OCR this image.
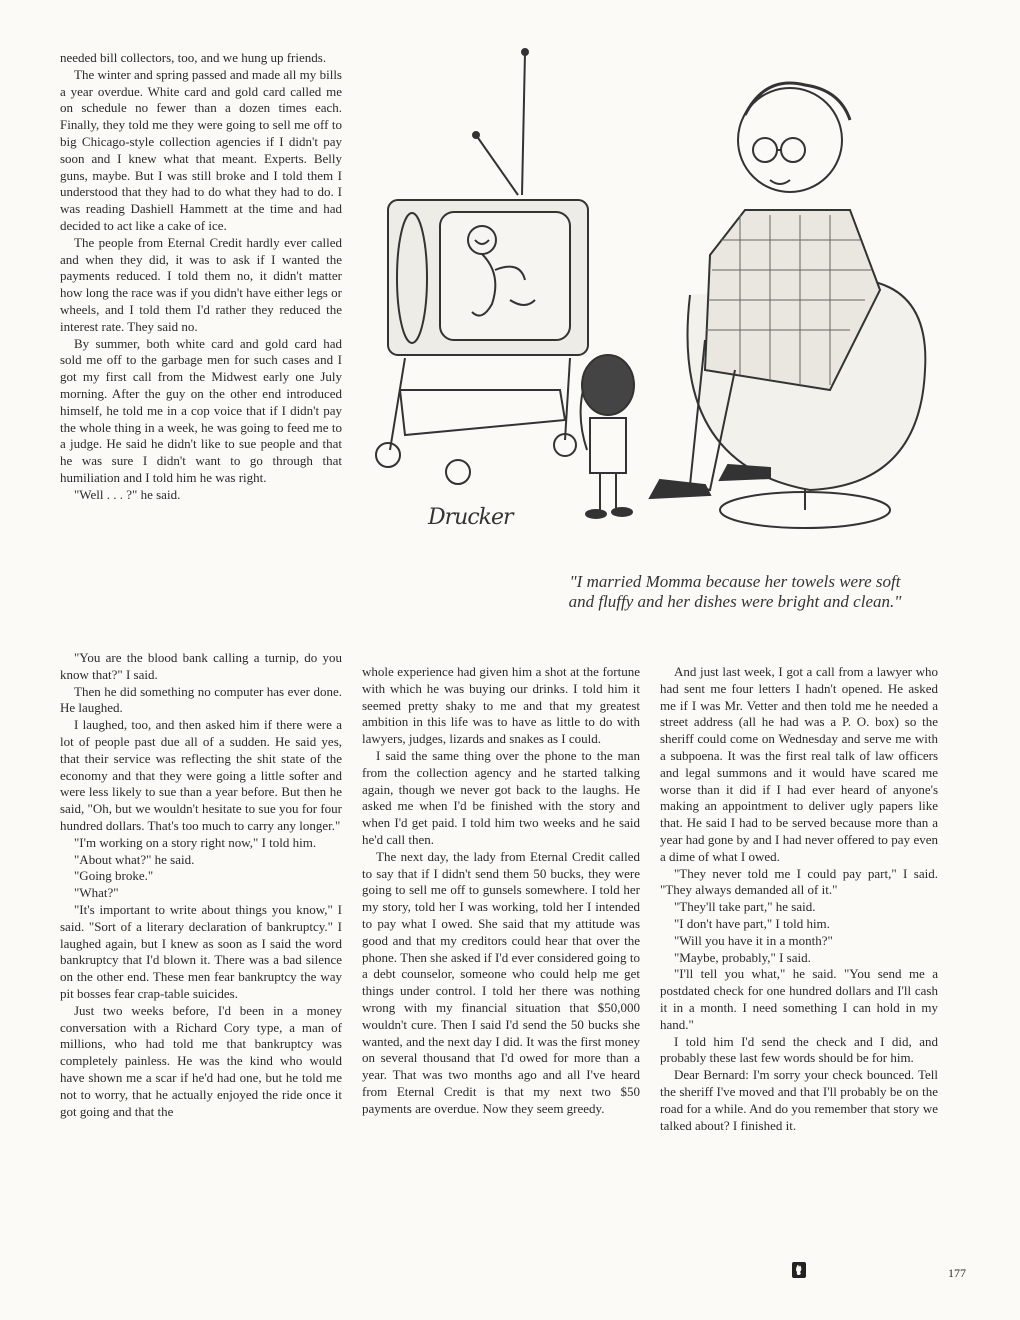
needed bill collectors, too, and we hung up friends.

The winter and spring passed and made all my bills a year overdue. White card and gold card called me on schedule no fewer than a dozen times each. Finally, they told me they were going to sell me off to big Chicago-style collection agencies if I didn't pay soon and I knew what that meant. Experts. Belly guns, maybe. But I was still broke and I told them I understood that they had to do what they had to do. I was reading Dashiell Hammett at the time and had decided to act like a cake of ice.

The people from Eternal Credit hardly ever called and when they did, it was to ask if I wanted the payments reduced. I told them no, it didn't matter how long the race was if you didn't have either legs or wheels, and I told them I'd rather they reduced the interest rate. They said no.

By summer, both white card and gold card had sold me off to the garbage men for such cases and I got my first call from the Midwest early one July morning. After the guy on the other end introduced himself, he told me in a cop voice that if I didn't pay the whole thing in a week, he was going to feed me to a judge. He said he didn't like to sue people and that he was sure I didn't want to go through that humiliation and I told him he was right.

"Well . . . ?" he said.

"You are the blood bank calling a turnip, do you know that?" I said.

Then he did something no computer has ever done. He laughed.

I laughed, too, and then asked him if there were a lot of people past due all of a sudden. He said yes, that their service was reflecting the shit state of the economy and that they were going a little softer and were less likely to sue than a year before. But then he said, "Oh, but we wouldn't hesitate to sue you for four hundred dollars. That's too much to carry any longer."

"I'm working on a story right now," I told him.

"About what?" he said.

"Going broke."

"What?"

"It's important to write about things you know," I said. "Sort of a literary declaration of bankruptcy." I laughed again, but I knew as soon as I said the word bankruptcy that I'd blown it. There was a bad silence on the other end. These men fear bankruptcy the way pit bosses fear crap-table suicides.

Just two weeks before, I'd been in a money conversation with a Richard Cory type, a man of millions, who had told me that bankruptcy was completely painless. He was the kind who would have shown me a scar if he'd had one, but he told me not to worry, that he actually enjoyed the ride once it got going and that the

whole experience had given him a shot at the fortune with which he was buying our drinks. I told him it seemed pretty shaky to me and that my greatest ambition in this life was to have as little to do with lawyers, judges, lizards and snakes as I could.

I said the same thing over the phone to the man from the collection agency and he started talking again, though we never got back to the laughs. He asked me when I'd be finished with the story and when I'd get paid. I told him two weeks and he said he'd call then.

The next day, the lady from Eternal Credit called to say that if I didn't send them 50 bucks, they were going to sell me off to gunsels somewhere. I told her my story, told her I was working, told her I intended to pay what I owed. She said that my attitude was good and that my creditors could hear that over the phone. Then she asked if I'd ever considered going to a debt counselor, someone who could help me get things under control. I told her there was nothing wrong with my financial situation that $50,000 wouldn't cure. Then I said I'd send the 50 bucks she wanted, and the next day I did. It was the first money on several thousand that I'd owed for more than a year. That was two months ago and all I've heard from Eternal Credit is that my next two $50 payments are overdue. Now they seem greedy.

And just last week, I got a call from a lawyer who had sent me four letters I hadn't opened. He asked me if I was Mr. Vetter and then told me he needed a street address (all he had was a P. O. box) so the sheriff could come on Wednesday and serve me with a subpoena. It was the first real talk of law officers and legal summons and it would have scared me worse than it did if I had ever heard of anyone's making an appointment to deliver ugly papers like that. He said I had to be served because more than a year had gone by and I had never offered to pay even a dime of what I owed.

"They never told me I could pay part," I said. "They always demanded all of it."

"They'll take part," he said.

"I don't have part," I told him.

"Will you have it in a month?"

"Maybe, probably," I said.

"I'll tell you what," he said. "You send me a postdated check for one hundred dollars and I'll cash it in a month. I need something I can hold in my hand."

I told him I'd send the check and I did, and probably these last few words should be for him.

Dear Bernard: I'm sorry your check bounced. Tell the sheriff I've moved and that I'll probably be on the road for a while. And do you remember that story we talked about? I finished it.

Drucker
"I married Momma because her towels were soft and fluffy and her dishes were bright and clean."
177
